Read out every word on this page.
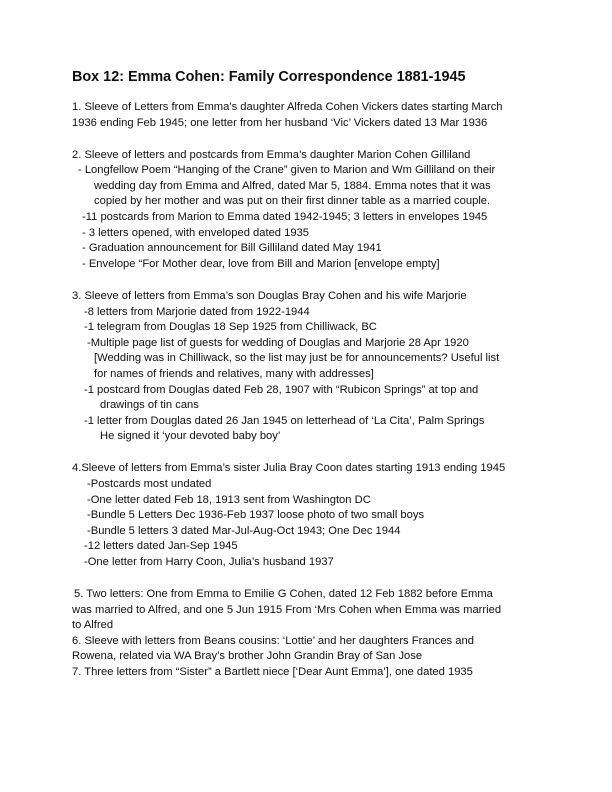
Box 12: Emma Cohen: Family Correspondence 1881-1945
1. Sleeve of Letters from Emma’s daughter Alfreda Cohen Vickers dates starting March
1936 ending Feb 1945; one letter from her husband ‘Vic’ Vickers dated 13 Mar 1936
2. Sleeve of letters and postcards from Emma’s daughter Marion Cohen Gilliland
- Longfellow Poem “Hanging of the Crane” given to Marion and Wm Gilliland on their
wedding day from Emma and Alfred, dated Mar 5, 1884. Emma notes that it was
copied by her mother and was put on their first dinner table as a married couple.
-11 postcards from Marion to Emma dated 1942-1945; 3 letters in envelopes 1945
- 3 letters opened, with enveloped dated 1935
- Graduation announcement for Bill Gilliland dated May 1941
- Envelope “For Mother dear, love from Bill and Marion [envelope empty]
3. Sleeve of letters from Emma’s son Douglas Bray Cohen and his wife Marjorie
-8 letters from Marjorie dated from 1922-1944
-1 telegram from Douglas 18 Sep 1925 from Chilliwack, BC
-Multiple page list of guests for wedding of Douglas and Marjorie 28 Apr 1920
[Wedding was in Chilliwack, so the list may just be for announcements? Useful list
for names of friends and relatives, many with addresses]
-1 postcard from Douglas dated Feb 28, 1907 with “Rubicon Springs” at top and
drawings of tin cans
-1 letter from Douglas dated 26 Jan 1945 on letterhead of ‘La Cita’, Palm Springs
He signed it ‘your devoted baby boy’
4.Sleeve of letters from Emma’s sister Julia Bray Coon dates starting 1913 ending 1945
-Postcards most undated
-One letter dated Feb 18, 1913 sent from Washington DC
-Bundle 5 Letters Dec 1936-Feb 1937 loose photo of two small boys
-Bundle 5 letters 3 dated Mar-Jul-Aug-Oct 1943; One Dec 1944
-12 letters dated Jan-Sep 1945
-One letter from Harry Coon, Julia’s husband 1937
5. Two letters: One from Emma to Emilie G Cohen, dated 12 Feb 1882 before Emma
was married to Alfred, and one 5 Jun 1915 From ‘Mrs Cohen when Emma was married
to Alfred
6. Sleeve with letters from Beans cousins: ‘Lottie’ and her daughters Frances and
Rowena, related via WA Bray’s brother John Grandin Bray of San Jose
7. Three letters from “Sister” a Bartlett niece [‘Dear Aunt Emma’], one dated 1935
